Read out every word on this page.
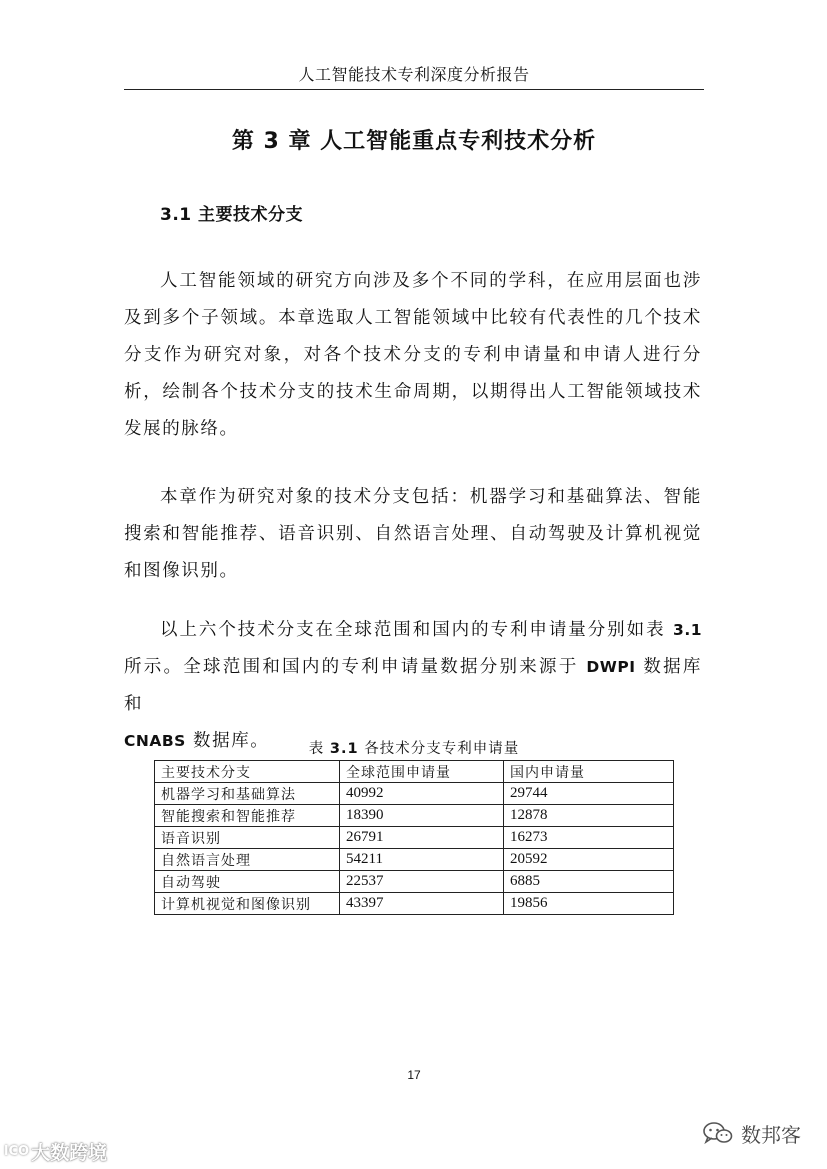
人工智能技术专利深度分析报告
第 3 章 人工智能重点专利技术分析
3.1 主要技术分支
人工智能领域的研究方向涉及多个不同的学科，在应用层面也涉及到多个子领域。本章选取人工智能领域中比较有代表性的几个技术分支作为研究对象，对各个技术分支的专利申请量和申请人进行分析，绘制各个技术分支的技术生命周期，以期得出人工智能领域技术发展的脉络。
本章作为研究对象的技术分支包括：机器学习和基础算法、智能搜索和智能推荐、语音识别、自然语言处理、自动驾驶及计算机视觉和图像识别。
以上六个技术分支在全球范围和国内的专利申请量分别如表 3.1所示。全球范围和国内的专利申请量数据分别来源于 DWPI 数据库和
CNABS 数据库。	表 3.1 各技术分支专利申请量
主要技术分支	全球范围申请量	国内申请量
机器学习和基础算法	40992	29744
智能搜索和智能推荐	18390	12878
语音识别	26791	16273
自然语言处理	54211	20592
自动驾驶	22537	6885
计算机视觉和图像识别	43397	19856
17
lCO 大数跨境
数邦客
